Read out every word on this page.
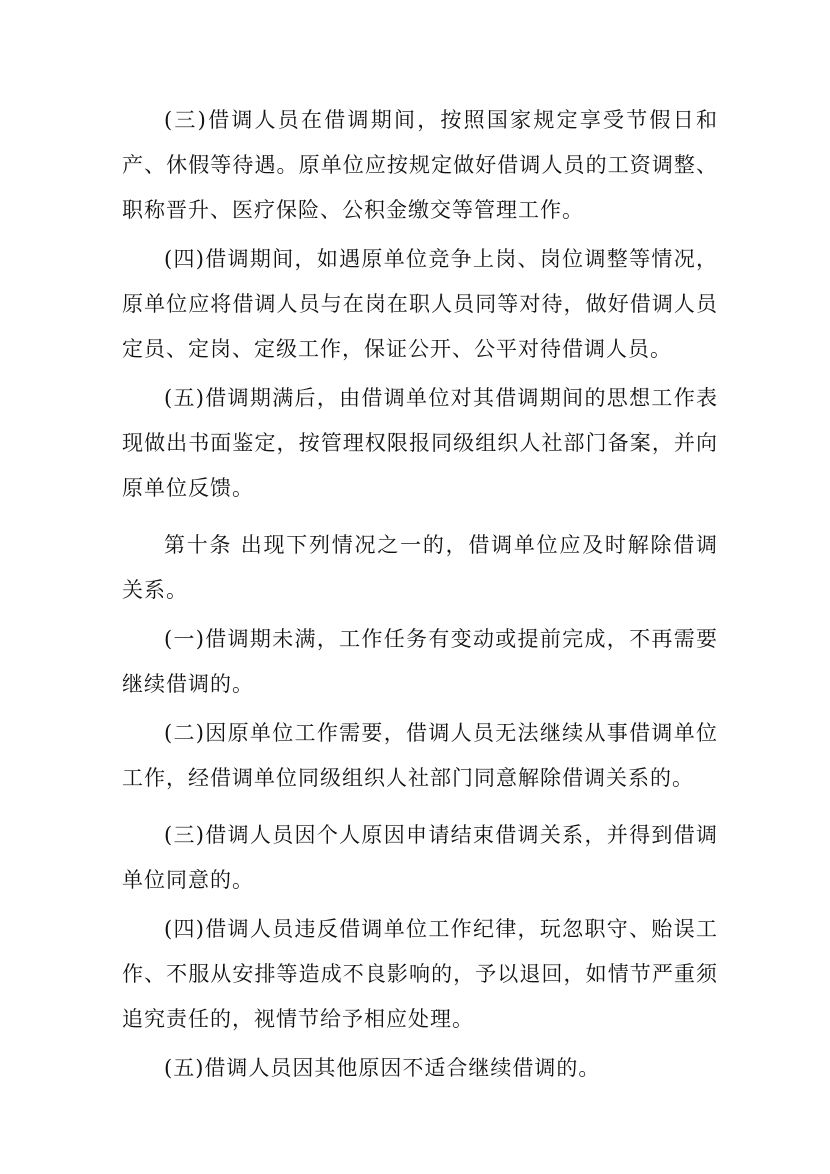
(三)借调人员在借调期间，按照国家规定享受节假日和产、休假等待遇。原单位应按规定做好借调人员的工资调整、职称晋升、医疗保险、公积金缴交等管理工作。

(四)借调期间，如遇原单位竞争上岗、岗位调整等情况，原单位应将借调人员与在岗在职人员同等对待，做好借调人员定员、定岗、定级工作，保证公开、公平对待借调人员。

(五)借调期满后，由借调单位对其借调期间的思想工作表现做出书面鉴定，按管理权限报同级组织人社部门备案，并向原单位反馈。

第十条 出现下列情况之一的，借调单位应及时解除借调关系。

(一)借调期未满，工作任务有变动或提前完成，不再需要继续借调的。

(二)因原单位工作需要，借调人员无法继续从事借调单位工作，经借调单位同级组织人社部门同意解除借调关系的。

(三)借调人员因个人原因申请结束借调关系，并得到借调单位同意的。

(四)借调人员违反借调单位工作纪律，玩忽职守、贻误工作、不服从安排等造成不良影响的，予以退回，如情节严重须追究责任的，视情节给予相应处理。

(五)借调人员因其他原因不适合继续借调的。
